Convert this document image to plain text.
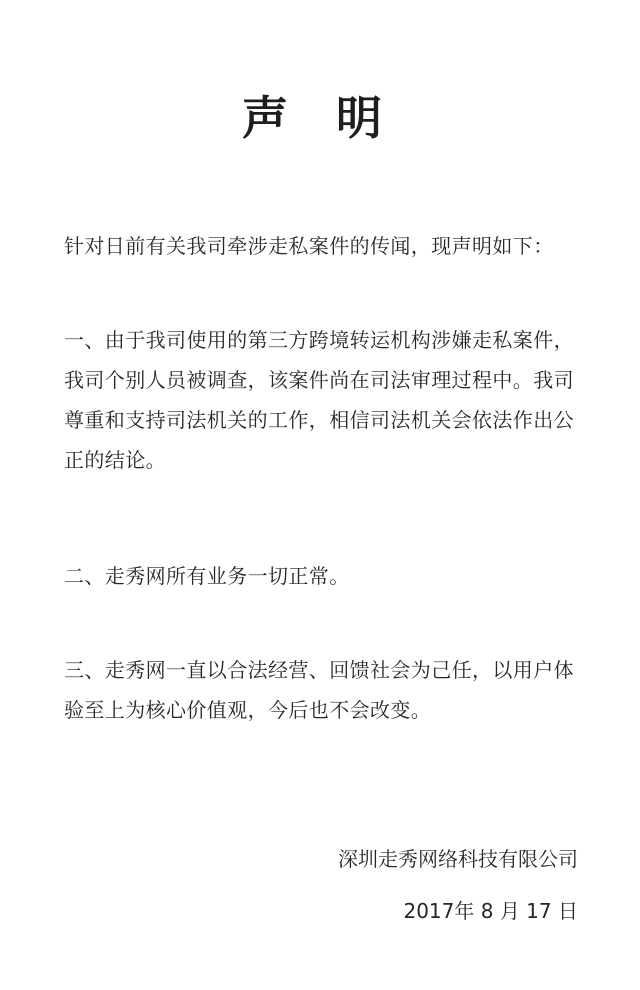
声 明

针对日前有关我司牵涉走私案件的传闻，现声明如下：

一、由于我司使用的第三方跨境转运机构涉嫌走私案件，我司个别人员被调查，该案件尚在司法审理过程中。我司尊重和支持司法机关的工作，相信司法机关会依法作出公正的结论。

二、走秀网所有业务一切正常。

三、走秀网一直以合法经营、回馈社会为己任，以用户体验至上为核心价值观，今后也不会改变。

深圳走秀网络科技有限公司
2017年 8 月 17 日
